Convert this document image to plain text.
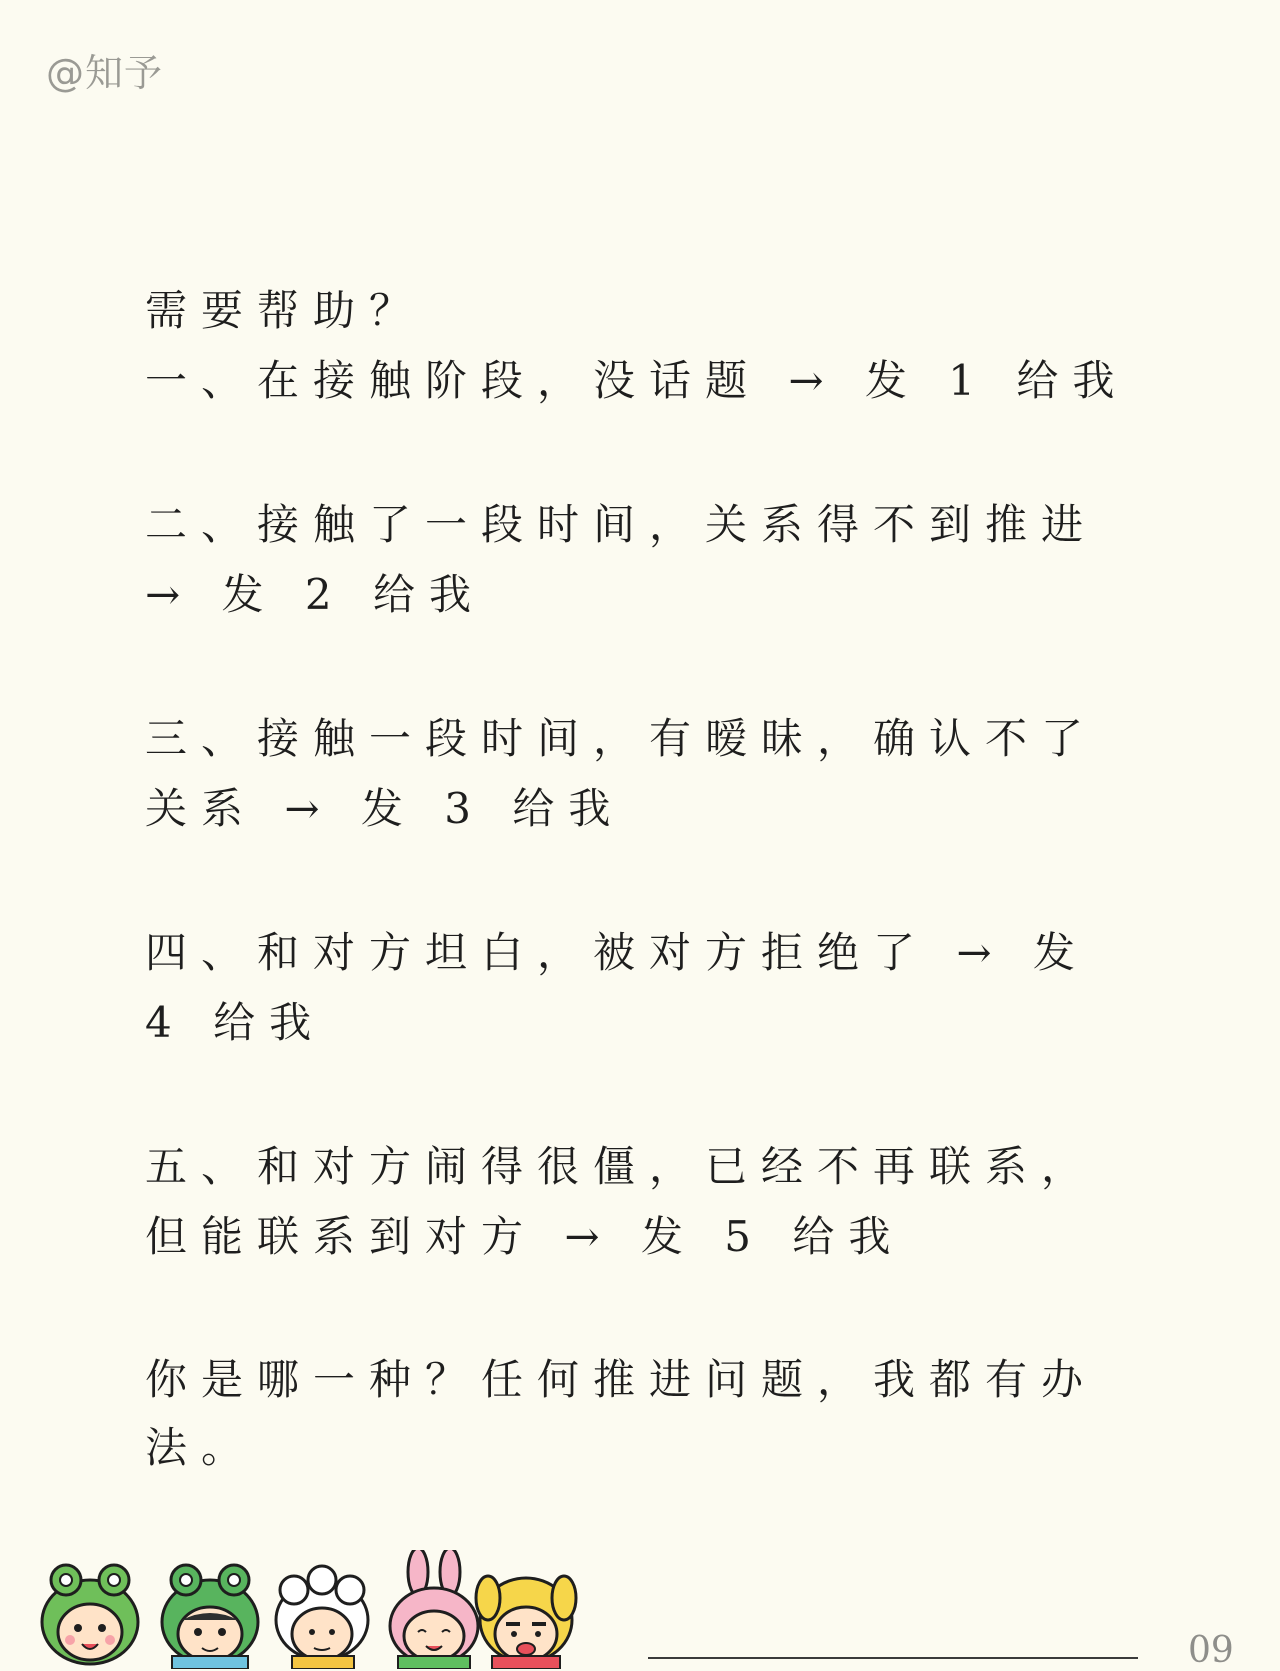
@知予

需要帮助？

一、在接触阶段，没话题 → 发 1 给我

二、接触了一段时间，关系得不到推进 → 发 2 给我

三、接触一段时间，有暧昧，确认不了关系 → 发 3 给我

四、和对方坦白，被对方拒绝了 → 发 4 给我

五、和对方闹得很僵，已经不再联系，但能联系到对方 → 发 5 给我

你是哪一种？任何推进问题，我都有办法。

09
